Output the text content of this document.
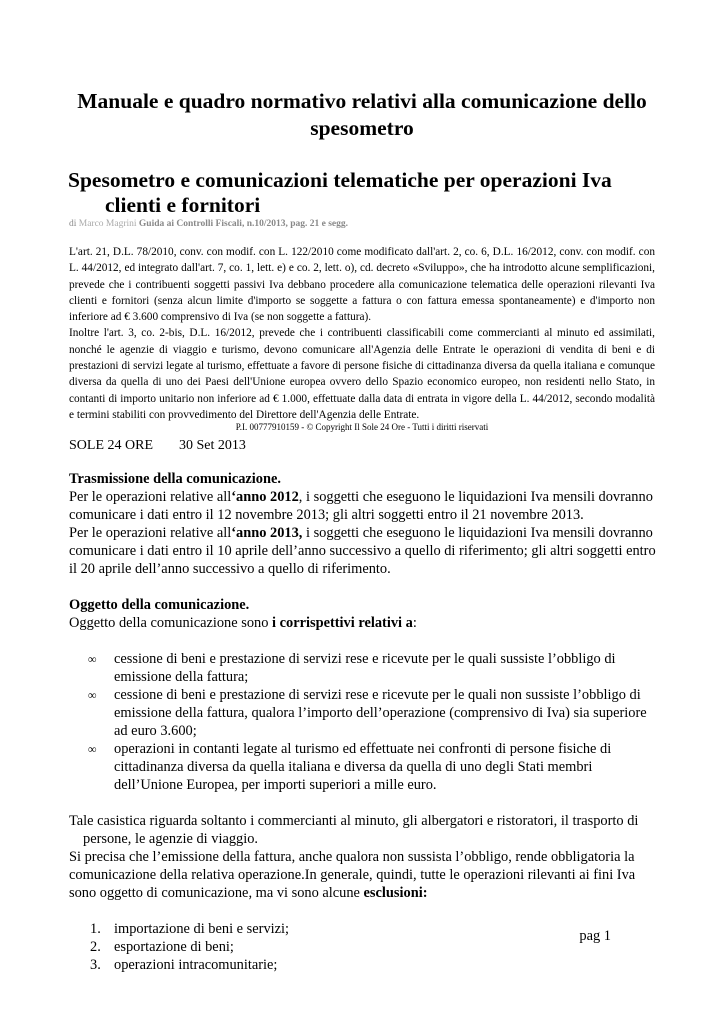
Manuale e quadro normativo relativi alla comunicazione dello spesometro
Spesometro e comunicazioni telematiche per operazioni Iva
clienti e fornitori
di Marco Magrini Guida ai Controlli Fiscali, n.10/2013, pag. 21 e segg.

L'art. 21, D.L. 78/2010, conv. con modif. con L. 122/2010 come modificato dall'art. 2, co. 6, D.L. 16/2012, conv. con modif. con L. 44/2012, ed integrato dall'art. 7, co. 1, lett. e) e co. 2, lett. o), cd. decreto «Sviluppo», che ha introdotto alcune semplificazioni, prevede che i contribuenti soggetti passivi Iva debbano procedere alla comunicazione telematica delle operazioni rilevanti Iva clienti e fornitori (senza alcun limite d'importo se soggette a fattura o con fattura emessa spontaneamente) e d'importo non inferiore ad € 3.600 comprensivo di Iva (se non soggette a fattura).

Inoltre l'art. 3, co. 2-bis, D.L. 16/2012, prevede che i contribuenti classificabili come commercianti al minuto ed assimilati, nonché le agenzie di viaggio e turismo, devono comunicare all'Agenzia delle Entrate le operazioni di vendita di beni e di prestazioni di servizi legate al turismo, effettuate a favore di persone fisiche di cittadinanza diversa da quella italiana e comunque diversa da quella di uno dei Paesi dell'Unione europea ovvero dello Spazio economico europeo, non residenti nello Stato, in contanti di importo unitario non inferiore ad € 1.000, effettuate dalla data di entrata in vigore della L. 44/2012, secondo modalità e termini stabiliti con provvedimento del Direttore dell'Agenzia delle Entrate.

P.I. 00777910159 - © Copyright Il Sole 24 Ore - Tutti i diritti riservati
SOLE 24 ORE 30 Set 2013

Trasmissione della comunicazione.

Per le operazioni relative all‘anno 2012, i soggetti che eseguono le liquidazioni Iva mensili dovranno comunicare i dati entro il 12 novembre 2013; gli altri soggetti entro il 21 novembre 2013.

Per le operazioni relative all‘anno 2013, i soggetti che eseguono le liquidazioni Iva mensili dovranno comunicare i dati entro il 10 aprile dell’anno successivo a quello di riferimento; gli altri soggetti entro il 20 aprile dell’anno successivo a quello di riferimento.

Oggetto della comunicazione.

Oggetto della comunicazione sono i corrispettivi relativi a:

∞ cessione di beni e prestazione di servizi rese e ricevute per le quali sussiste l’obbligo di emissione della fattura;
∞ cessione di beni e prestazione di servizi rese e ricevute per le quali non sussiste l’obbligo di emissione della fattura, qualora l’importo dell’operazione (comprensivo di Iva) sia superiore ad euro 3.600;
∞ operazioni in contanti legate al turismo ed effettuate nei confronti di persone fisiche di cittadinanza diversa da quella italiana e diversa da quella di uno degli Stati membri dell’Unione Europea, per importi superiori a mille euro.

Tale casistica riguarda soltanto i commercianti al minuto, gli albergatori e ristoratori, il trasporto di
persone, le agenzie di viaggio.

Si precisa che l’emissione della fattura, anche qualora non sussista l’obbligo, rende obbligatoria la comunicazione della relativa operazione.In generale, quindi, tutte le operazioni rilevanti ai fini Iva sono oggetto di comunicazione, ma vi sono alcune esclusioni:

1. importazione di beni e servizi;
2. esportazione di beni;
3. operazioni intracomunitarie;
pag 1
